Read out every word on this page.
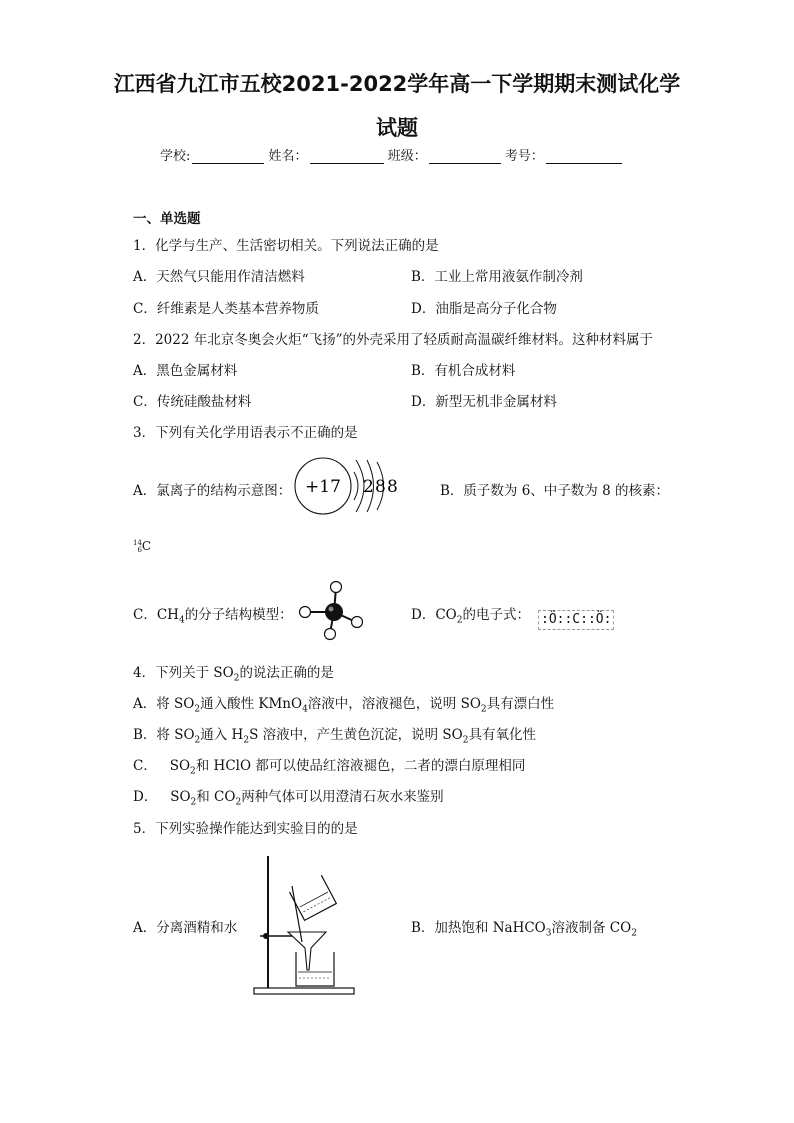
江西省九江市五校2021-2022学年高一下学期期末测试化学
试题
学校:	姓名：	班级：	考号：
一、单选题
1．化学与生产、生活密切相关。下列说法正确的是
A．天然气只能用作清洁燃料	B．工业上常用液氨作制冷剂
C．纤维素是人类基本营养物质	D．油脂是高分子化合物
2．2022 年北京冬奥会火炬“飞扬”的外壳采用了轻质耐高温碳纤维材料。这种材料属于
A．黑色金属材料	B．有机合成材料
C．传统硅酸盐材料	D．新型无机非金属材料
3．下列有关化学用语表示不正确的是
A．氯离子的结构示意图： +17 2 8 8	B．质子数为 6、中子数为 8 的核素：
14
6C
C．$CH_4$的分子结构模型：	D．$CO_2$的电子式： :Ö::C::Ö:
4．下列关于 $SO_2$的说法正确的是
A．将 $SO_2$通入酸性 KMnO$_4$溶液中，溶液褪色，说明 $SO_2$具有漂白性
B．将 $SO_2$通入 $H_2S$ 溶液中，产生黄色沉淀，说明 $SO_2$具有氧化性
C．   $SO_2$和 HClO 都可以使品红溶液褪色，二者的漂白原理相同
D．   $SO_2$和 $CO_2$两种气体可以用澄清石灰水来鉴别
5．下列实验操作能达到实验目的的是
A．分离酒精和水	B．加热饱和 NaHCO$_3$溶液制备 $CO_2$
